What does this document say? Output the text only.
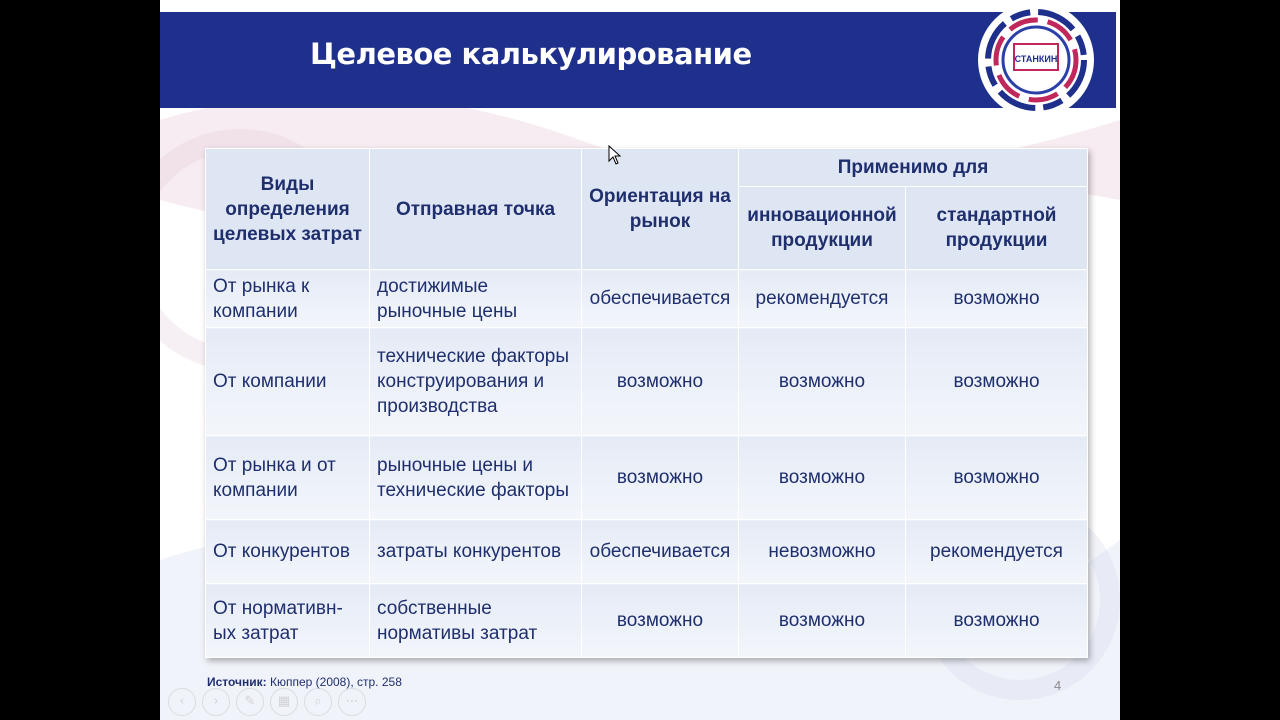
Целевое калькулирование	СТАНКИН
Виды определения целевых затрат	Отправная точка	Ориентация на рынок	Применимо для	
			инновационной продукции	стандартной продукции
От рынка к компании	достижимые рыночные цены	обеспечивается	рекомендуется	возможно
От компании	технические факторы конструирования и производства	возможно	возможно	возможно
От рынка и от компании	рыночные цены и технические факторы	возможно	возможно	возможно
От конкурентов	затраты конкурентов	обеспечивается	невозможно	рекомендуется
От нормативн-ых затрат	собственные нормативы затрат	возможно	возможно	возможно
Источник: Кюппер (2008), стр. 258	4
‹	›	✎	▦	⌕	⋯
